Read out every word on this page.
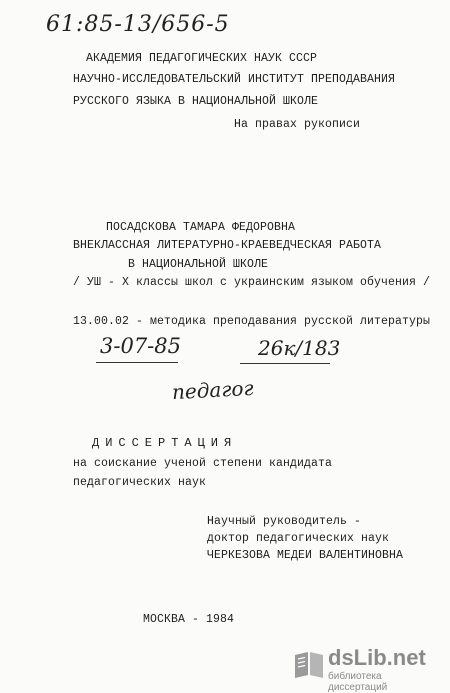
61:85-13/656-5
АКАДЕМИЯ ПЕДАГОГИЧЕСКИХ НАУК СССР
НАУЧНО-ИССЛЕДОВАТЕЛЬСКИЙ ИНСТИТУТ ПРЕПОДАВАНИЯ
РУССКОГО ЯЗЫКА В НАЦИОНАЛЬНОЙ ШКОЛЕ
На правах рукописи
ПОСАДСКОВА ТАМАРА ФЕДОРОВНА
ВНЕКЛАССНАЯ ЛИТЕРАТУРНО-КРАЕВЕДЧЕСКАЯ РАБОТА
В НАЦИОНАЛЬНОЙ ШКОЛЕ
/ УШ - X классы школ с украинским языком обучения /
13.00.02 - методика преподавания русской литературы
3-07-85	26к/183
педагог
ДИССЕРТАЦИЯ
на соискание ученой степени кандидата
педагогических наук
Научный руководитель -
доктор педагогических наук
ЧЕРКЕЗОВА МЕДЕИ ВАЛЕНТИНОВНА
МОСКВА - 1984
dsLib.net
библиотека диссертаций
